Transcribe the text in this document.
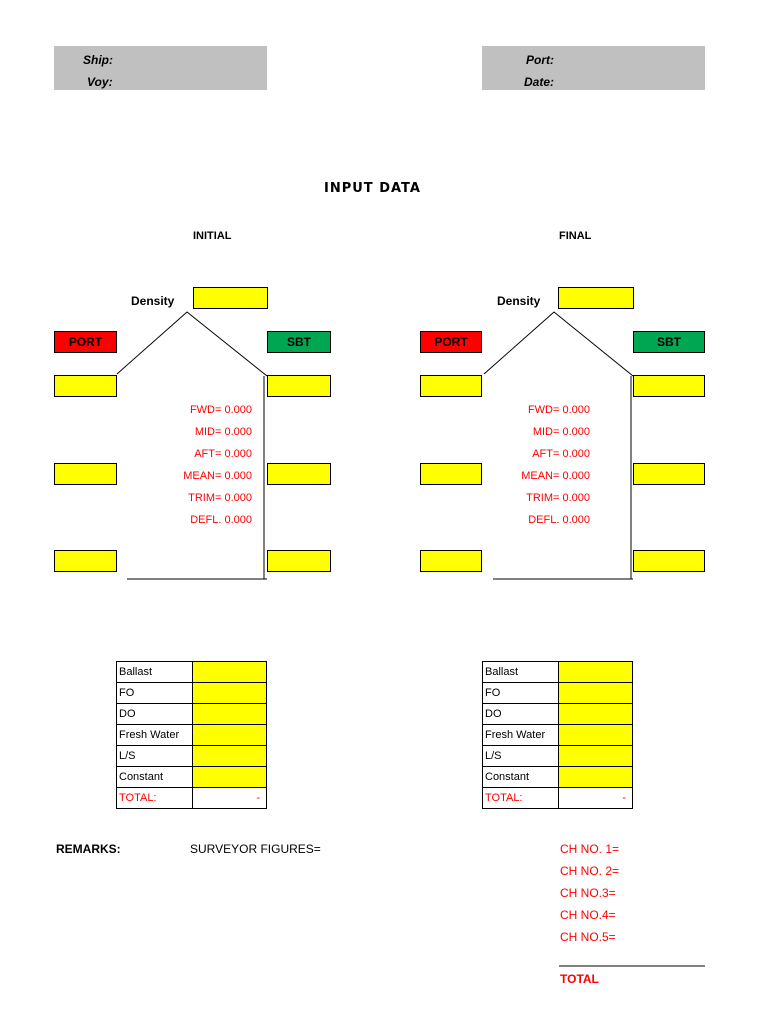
Ship:
Voy:
Port:
Date:
INPUT DATA
INITIAL
Density
PORT	SBT
FWD= 0.000
MID= 0.000
AFT= 0.000
MEAN= 0.000
TRIM= 0.000
DEFL. 0.000
Ballast	
FO	
DO	
Fresh Water	
L/S	
Constant	
TOTAL:	-
FINAL
Density
PORT	SBT
FWD= 0.000
MID= 0.000
AFT= 0.000
MEAN= 0.000
TRIM= 0.000
DEFL. 0.000
Ballast	
FO	
DO	
Fresh Water	
L/S	
Constant	
TOTAL:	-
REMARKS:	SURVEYOR FIGURES=	CH NO. 1=
CH NO. 2=
CH NO.3=
CH NO.4=
CH NO.5=
TOTAL
